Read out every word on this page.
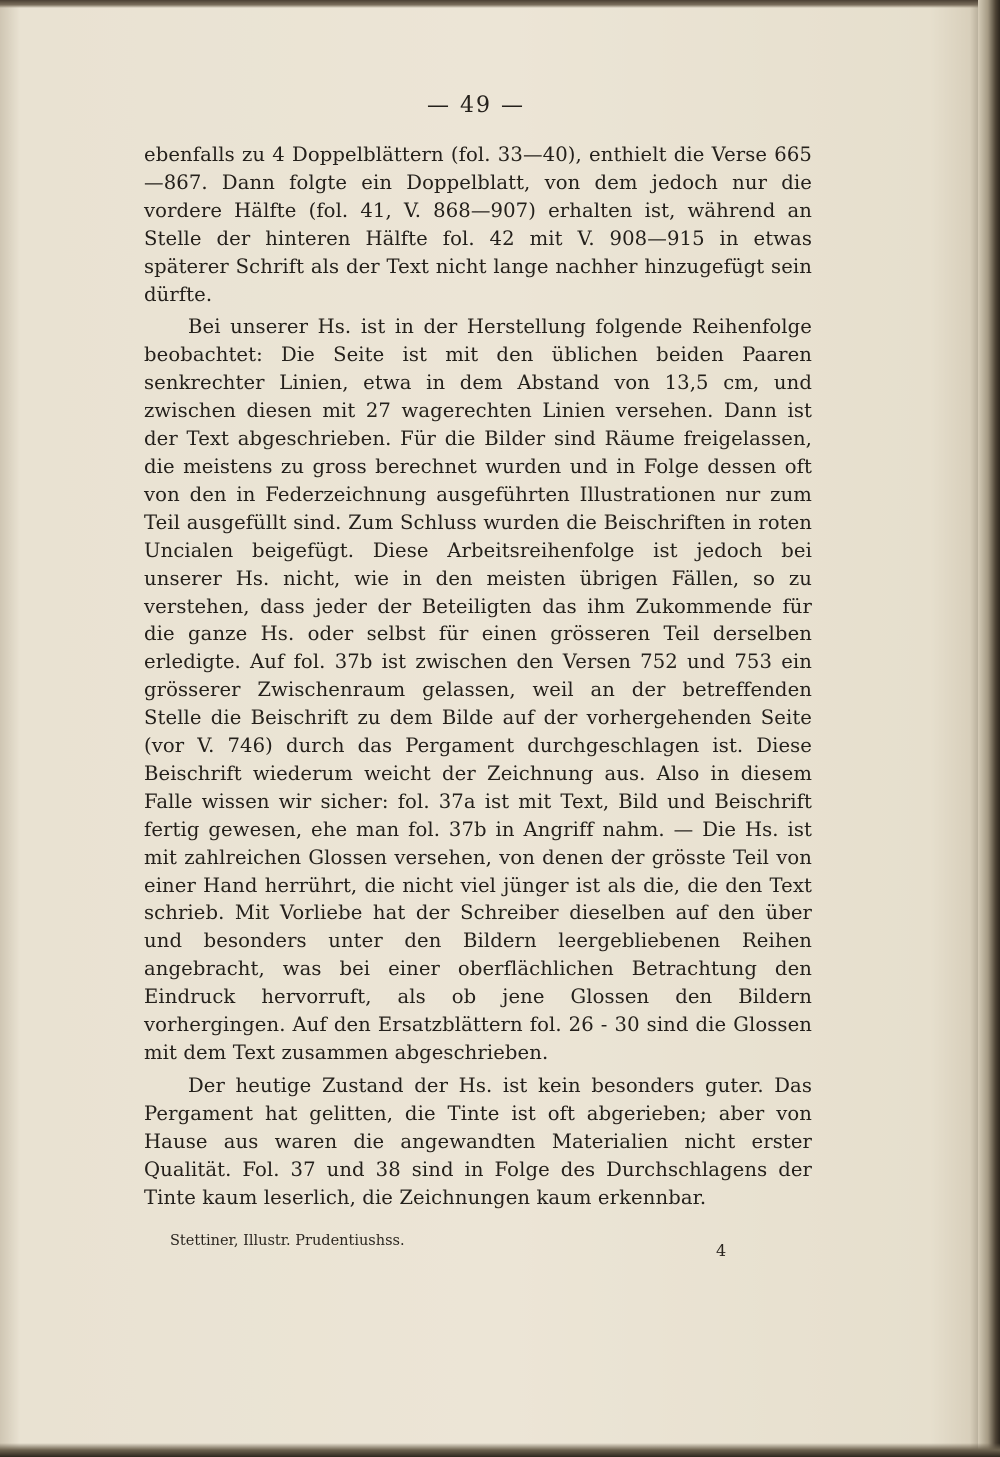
— 49 —

ebenfalls zu 4 Doppelblättern (fol. 33—40), enthielt die Verse 665—867. Dann folgte ein Doppelblatt, von dem jedoch nur die vordere Hälfte (fol. 41, V. 868—907) erhalten ist, während an Stelle der hinteren Hälfte fol. 42 mit V. 908—915 in etwas späterer Schrift als der Text nicht lange nachher hinzugefügt sein dürfte.

Bei unserer Hs. ist in der Herstellung folgende Reihenfolge beobachtet: Die Seite ist mit den üblichen beiden Paaren senkrechter Linien, etwa in dem Abstand von 13,5 cm, und zwischen diesen mit 27 wagerechten Linien versehen. Dann ist der Text abgeschrieben. Für die Bilder sind Räume freigelassen, die meistens zu gross berechnet wurden und in Folge dessen oft von den in Federzeichnung ausgeführten Illustrationen nur zum Teil ausgefüllt sind. Zum Schluss wurden die Beischriften in roten Uncialen beigefügt. Diese Arbeitsreihenfolge ist jedoch bei unserer Hs. nicht, wie in den meisten übrigen Fällen, so zu verstehen, dass jeder der Beteiligten das ihm Zukommende für die ganze Hs. oder selbst für einen grösseren Teil derselben erledigte. Auf fol. 37b ist zwischen den Versen 752 und 753 ein grösserer Zwischenraum gelassen, weil an der betreffenden Stelle die Beischrift zu dem Bilde auf der vorhergehenden Seite (vor V. 746) durch das Pergament durchgeschlagen ist. Diese Beischrift wiederum weicht der Zeichnung aus. Also in diesem Falle wissen wir sicher: fol. 37a ist mit Text, Bild und Beischrift fertig gewesen, ehe man fol. 37b in Angriff nahm. — Die Hs. ist mit zahlreichen Glossen versehen, von denen der grösste Teil von einer Hand herrührt, die nicht viel jünger ist als die, die den Text schrieb. Mit Vorliebe hat der Schreiber dieselben auf den über und besonders unter den Bildern leergebliebenen Reihen angebracht, was bei einer oberflächlichen Betrachtung den Eindruck hervorruft, als ob jene Glossen den Bildern vorhergingen. Auf den Ersatzblättern fol. 26 - 30 sind die Glossen mit dem Text zusammen abgeschrieben.

Der heutige Zustand der Hs. ist kein besonders guter. Das Pergament hat gelitten, die Tinte ist oft abgerieben; aber von Hause aus waren die angewandten Materialien nicht erster Qualität. Fol. 37 und 38 sind in Folge des Durchschlagens der Tinte kaum leserlich, die Zeichnungen kaum erkennbar.

Stettiner, Illustr. Prudentiushss.	4
